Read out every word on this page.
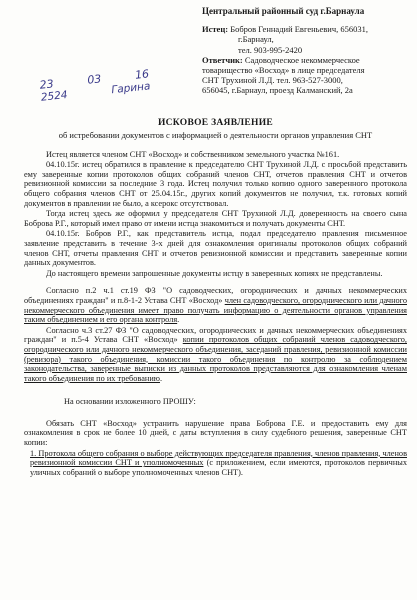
Центральный районный суд г.Барнаула
Истец: Бобров Геннадий Евгеньевич, 656031,
г.Барнаул,
тел. 903-995-2420
Ответчик: Садоводческое некоммерческое
товарищество «Восход» в лице председателя
СНТ Трухиной Л.Д. тел. 963-527-3000,
656045, г.Барнаул, проезд Калманский, 2а
23	03	16
2524
Гарина
ИСКОВОЕ ЗАЯВЛЕНИЕ
об истребовании документов с информацией о деятельности органов управления СНТ

Истец является членом СНТ «Восход» и собственником земельного участка №161.

04.10.15г. истец обратился в правление к председателю СНТ Трухиной Л.Д. с просьбой представить ему заверенные копии протоколов общих собраний членов СНТ, отчетов правления СНТ и отчетов ревизионной комиссии за последние 3 года. Истец получил только копию одного заверенного протокола общего собрания членов СНТ от 25.04.15г., других копий документов не получил, т.к. готовых копий документов в правлении не было, а ксерокс отсутствовал.

Тогда истец здесь же оформил у председателя СНТ Трухиной Л.Д. доверенность на своего сына Боброва Р.Г., который имел право от имени истца знакомиться и получать документы СНТ.

04.10.15г. Бобров Р.Г., как представитель истца, подал председателю правления письменное заявление представить в течение 3-х дней для ознакомления оригиналы протоколов общих собраний членов СНТ, отчеты правления СНТ и отчетов ревизионной комиссии и представить заверенные копии данных документов.

До настоящего времени запрошенные документы истцу в заверенных копиях не представлены.

Согласно п.2 ч.1 ст.19 ФЗ "О садоводческих, огороднических и дачных некоммерческих объединениях граждан" и п.8-1-2 Устава СНТ «Восход» член садоводческого, огороднического или дачного некоммерческого объединения имеет право получать информацию о деятельности органов управления таким объединением и его органа контроля.

Согласно ч.3 ст.27 ФЗ "О садоводческих, огороднических и дачных некоммерческих объединениях граждан" и п.5-4 Устава СНТ «Восход» копии протоколов общих собраний членов садоводческого, огороднического или дачного некоммерческого объединения, заседаний правления, ревизионной комиссии (ревизора) такого объединения, комиссии такого объединения по контролю за соблюдением законодательства, заверенные выписки из данных протоколов представляются для ознакомления членам такого объединения по их требованию.

На основании изложенного ПРОШУ:

Обязать СНТ «Восход» устранить нарушение права Боброва Г.Е. и предоставить ему для ознакомления в срок не более 10 дней, с даты вступления в силу судебного решения, заверенные СНТ копии:

1. Протокола общего собрания о выборе действующих председателя правления, членов правления, членов ревизионной комиссии СНТ и уполномоченных (с приложением, если имеются, протоколов первичных уличных собраний о выборе уполномоченных членов СНТ).
